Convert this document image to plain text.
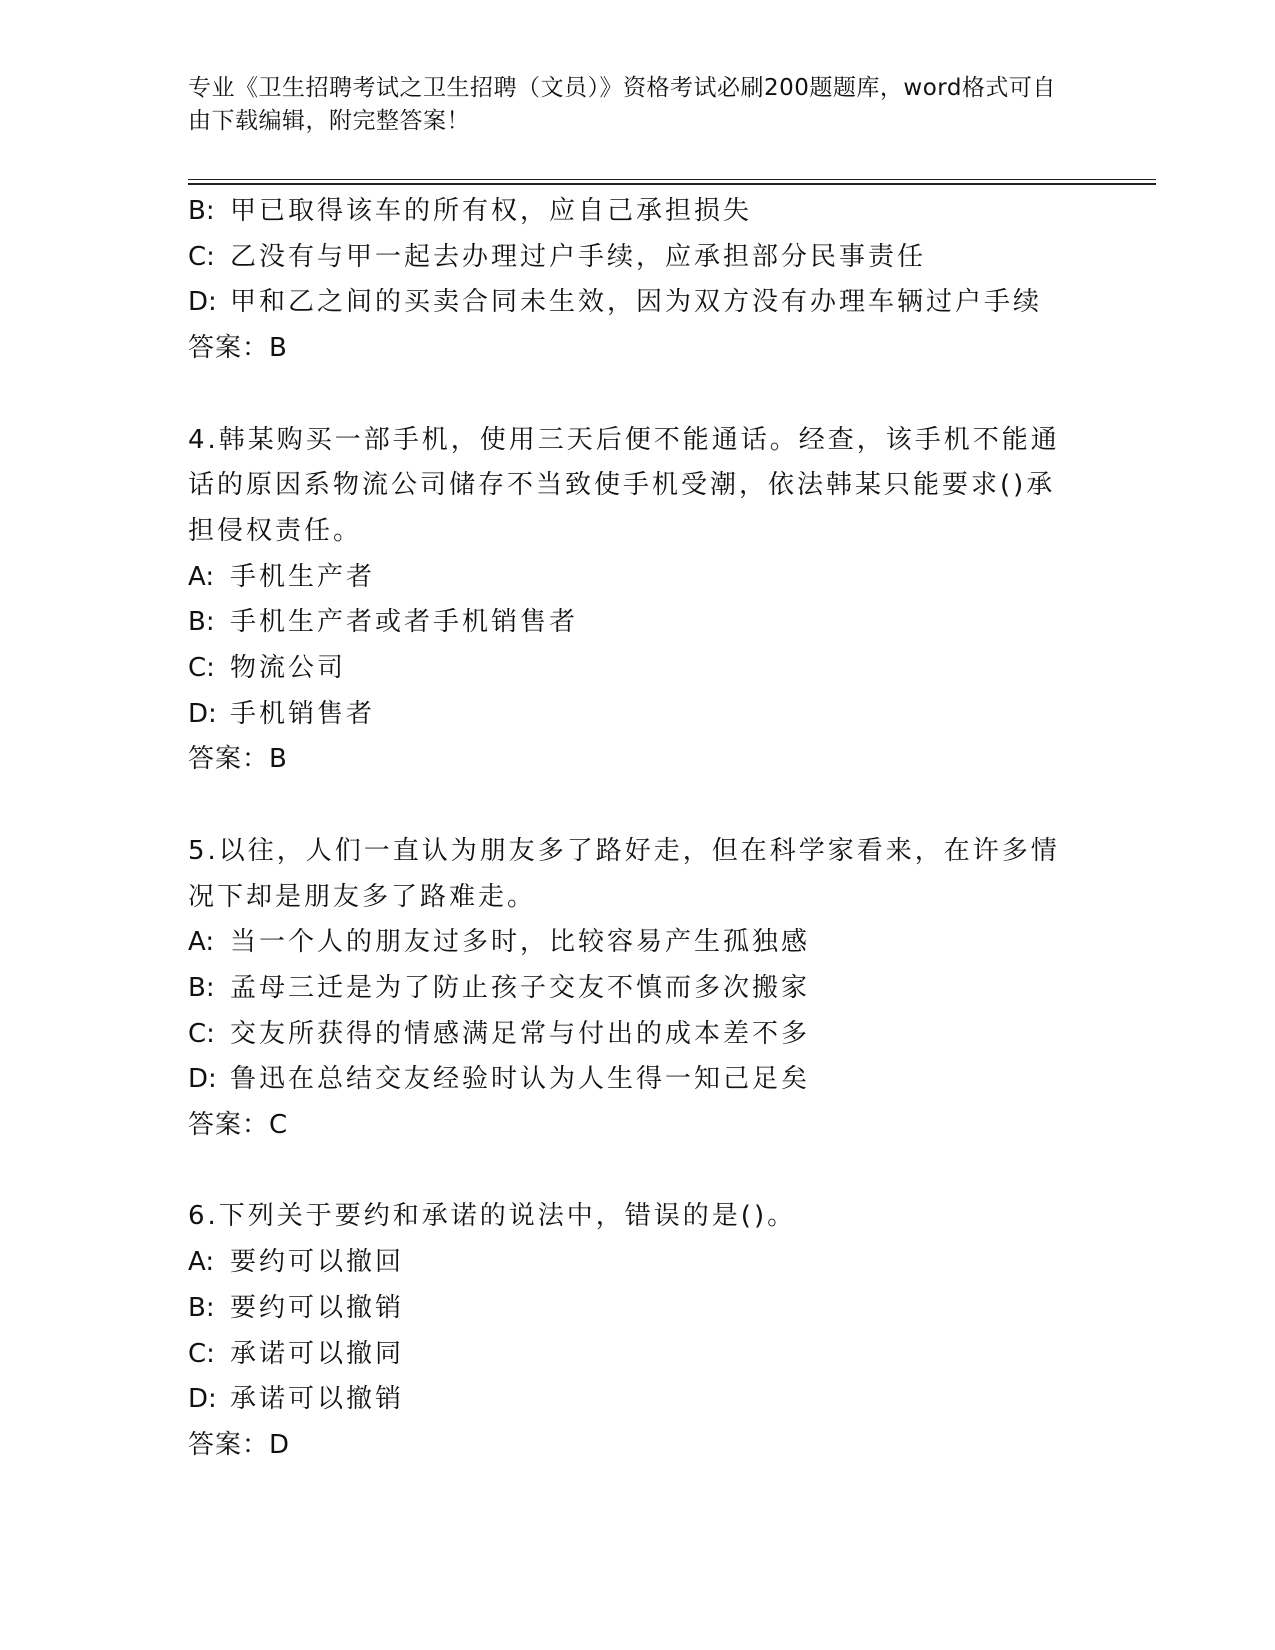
专业《卫生招聘考试之卫生招聘（文员）》资格考试必刷200题题库，word格式可自由下载编辑，附完整答案！
B: 甲已取得该车的所有权，应自己承担损失
C: 乙没有与甲一起去办理过户手续，应承担部分民事责任
D: 甲和乙之间的买卖合同未生效，因为双方没有办理车辆过户手续
答案：B
4.韩某购买一部手机，使用三天后便不能通话。经查，该手机不能通话的原因系物流公司储存不当致使手机受潮，依法韩某只能要求()承担侵权责任。
A: 手机生产者
B: 手机生产者或者手机销售者
C: 物流公司
D: 手机销售者
答案：B
5.以往，人们一直认为朋友多了路好走，但在科学家看来，在许多情况下却是朋友多了路难走。
A: 当一个人的朋友过多时，比较容易产生孤独感
B: 孟母三迁是为了防止孩子交友不慎而多次搬家
C: 交友所获得的情感满足常与付出的成本差不多
D: 鲁迅在总结交友经验时认为人生得一知己足矣
答案：C
6.下列关于要约和承诺的说法中，错误的是()。
A: 要约可以撤回
B: 要约可以撤销
C: 承诺可以撤同
D: 承诺可以撤销
答案：D
